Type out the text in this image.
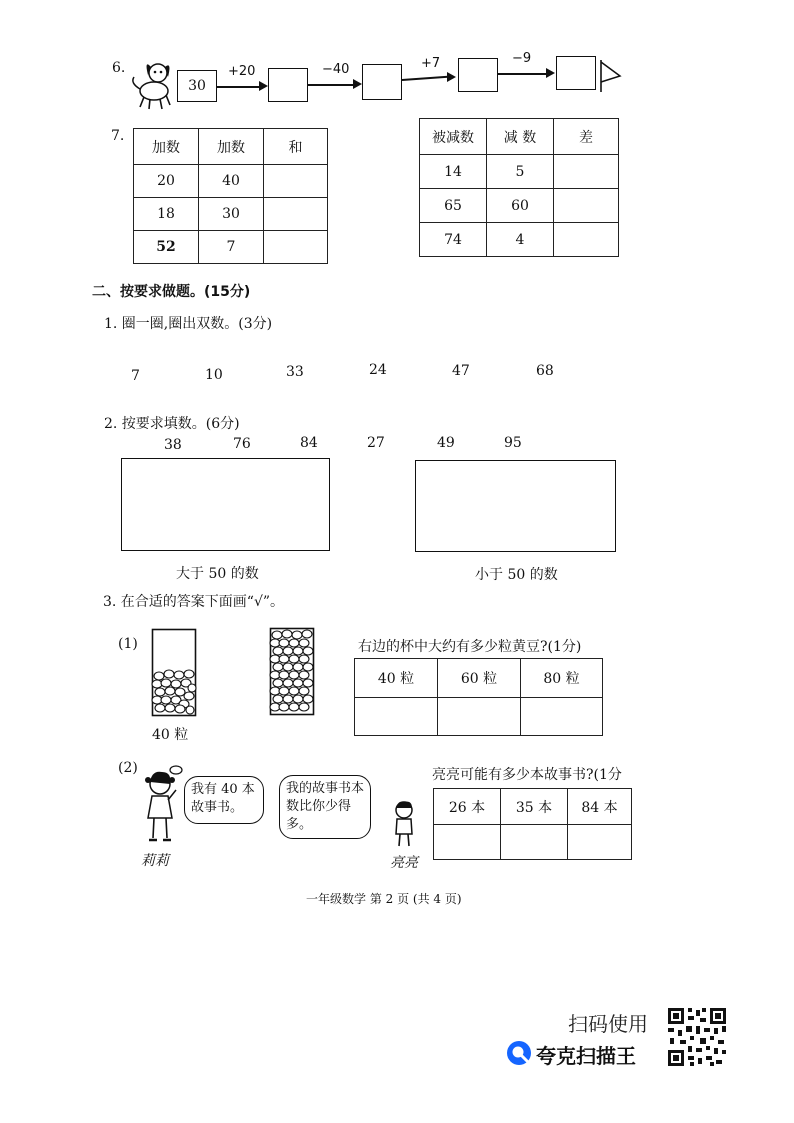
6.
30
+20	−40	+7	−9
7.
加数	加数	和
20	40	
18	30	
52	7	
被减数	减 数	差
14	5	
65	60	
74	4	
二、按要求做题。(15分)
1. 圈一圈,圈出双数。(3分)
7	10	33	24	47	68
2. 按要求填数。(6分)
38	76	84	27	49	95
大于 50 的数	小于 50 的数
3. 在合适的答案下面画“√”。
(1)
40 粒
右边的杯中大约有多少粒黄豆?(1分)
40 粒	60 粒	80 粒

(2)
莉莉
我有 40 本故事书。
我的故事书本数比你少得多。
亮亮
亮亮可能有多少本故事书?(1分
26 本	35 本	84 本

一年级数学 第 2 页 (共 4 页)
扫码使用
夸克扫描王
